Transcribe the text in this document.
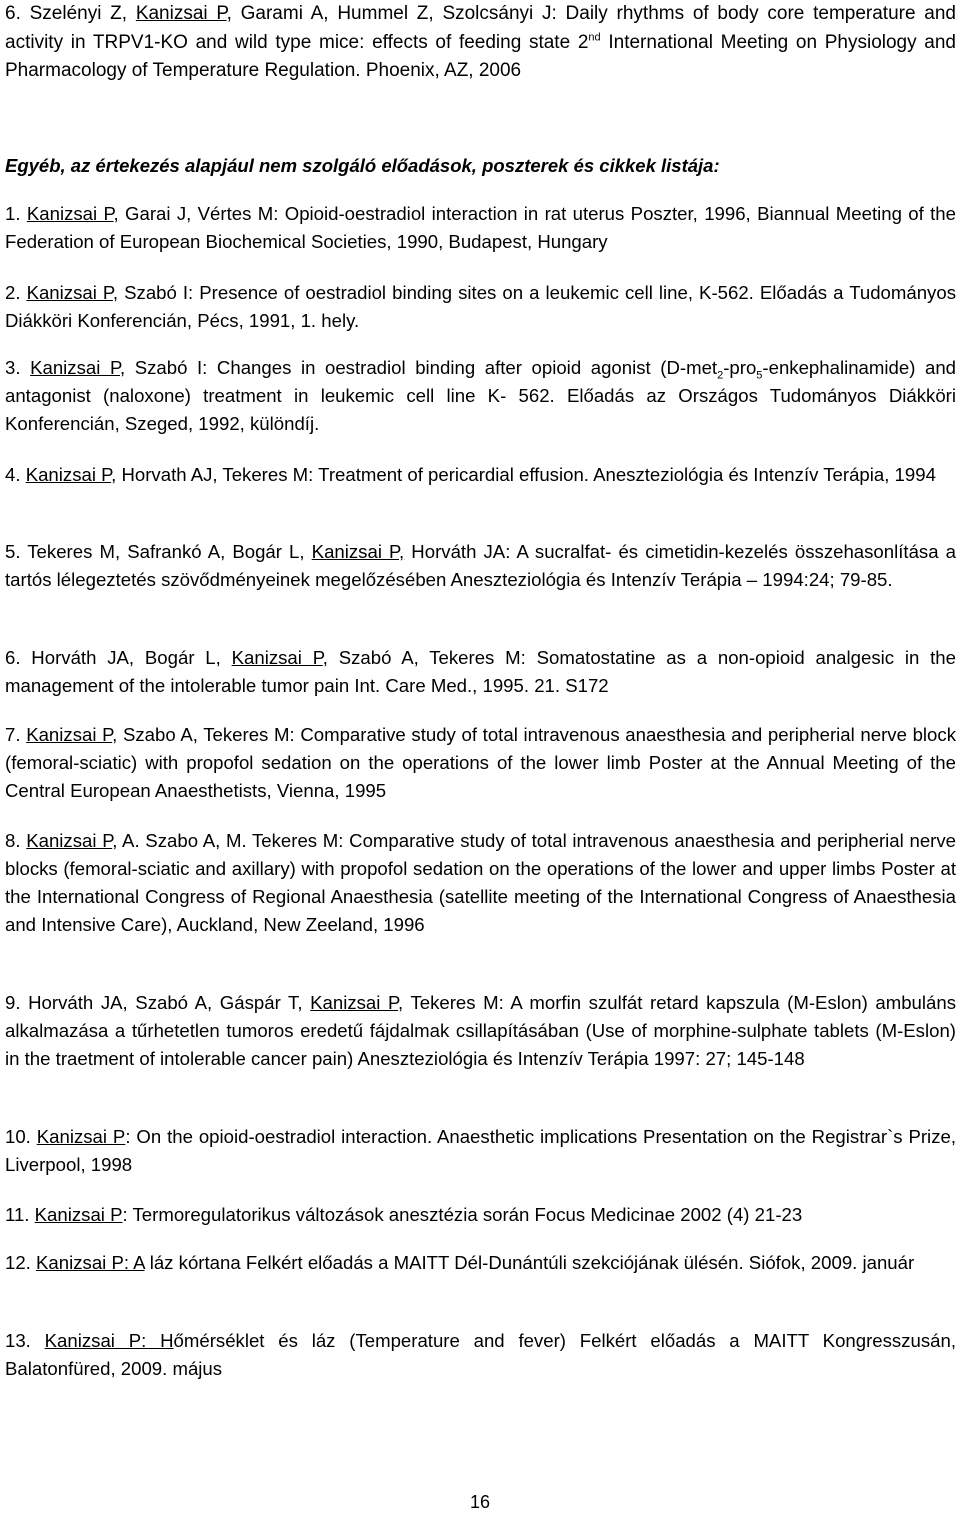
6. Szelényi Z, Kanizsai P, Garami A, Hummel Z, Szolcsányi J: Daily rhythms of body core temperature and activity in TRPV1-KO and wild type mice: effects of feeding state 2nd International Meeting on Physiology and Pharmacology of Temperature Regulation. Phoenix, AZ, 2006

Egyéb, az értekezés alapjául nem szolgáló előadások, poszterek és cikkek listája:

1. Kanizsai P, Garai J, Vértes M: Opioid-oestradiol interaction in rat uterus Poszter, 1996, Biannual Meeting of the Federation of European Biochemical Societies, 1990, Budapest, Hungary

2. Kanizsai P, Szabó I: Presence of oestradiol binding sites on a leukemic cell line, K-562. Előadás a Tudományos Diákköri Konferencián, Pécs, 1991, 1. hely.

3. Kanizsai P, Szabó I: Changes in oestradiol binding after opioid agonist (D-met$_2$-pro$_5$-enkephalinamide) and antagonist (naloxone) treatment in leukemic cell line K- 562. Előadás az Országos Tudományos Diákköri Konferencián, Szeged, 1992, különdíj.

4. Kanizsai P, Horvath AJ, Tekeres M: Treatment of pericardial effusion. Aneszteziológia és Intenzív Terápia, 1994

5. Tekeres M, Safrankó A, Bogár L, Kanizsai P, Horváth JA: A sucralfat- és cimetidin-kezelés összehasonlítása a tartós lélegeztetés szövődményeinek megelőzésében Aneszteziológia és Intenzív Terápia – 1994:24; 79-85.

6. Horváth JA, Bogár L, Kanizsai P, Szabó A, Tekeres M: Somatostatine as a non-opioid analgesic in the management of the intolerable tumor pain Int. Care Med., 1995. 21. S172

7. Kanizsai P, Szabo A, Tekeres M: Comparative study of total intravenous anaesthesia and peripherial nerve block (femoral-sciatic) with propofol sedation on the operations of the lower limb Poster at the Annual Meeting of the Central European Anaesthetists, Vienna, 1995

8. Kanizsai P, A. Szabo A, M. Tekeres M: Comparative study of total intravenous anaesthesia and peripherial nerve blocks (femoral-sciatic and axillary) with propofol sedation on the operations of the lower and upper limbs Poster at the International Congress of Regional Anaesthesia (satellite meeting of the International Congress of Anaesthesia and Intensive Care), Auckland, New Zeeland, 1996

9. Horváth JA, Szabó A, Gáspár T, Kanizsai P, Tekeres M: A morfin szulfát retard kapszula (M-Eslon) ambuláns alkalmazása a tűrhetetlen tumoros eredetű fájdalmak csillapításában (Use of morphine-sulphate tablets (M-Eslon) in the traetment of intolerable cancer pain) Aneszteziológia és Intenzív Terápia 1997: 27; 145-148

10. Kanizsai P: On the opioid-oestradiol interaction. Anaesthetic implications Presentation on the Registrar`s Prize, Liverpool, 1998

11. Kanizsai P: Termoregulatorikus változások anesztézia során Focus Medicinae 2002 (4) 21-23

12. Kanizsai P: A láz kórtana Felkért előadás a MAITT Dél-Dunántúli szekciójának ülésén. Siófok, 2009. január

13. Kanizsai P: Hőmérséklet és láz (Temperature and fever) Felkért előadás a MAITT Kongresszusán, Balatonfüred, 2009. május

16
